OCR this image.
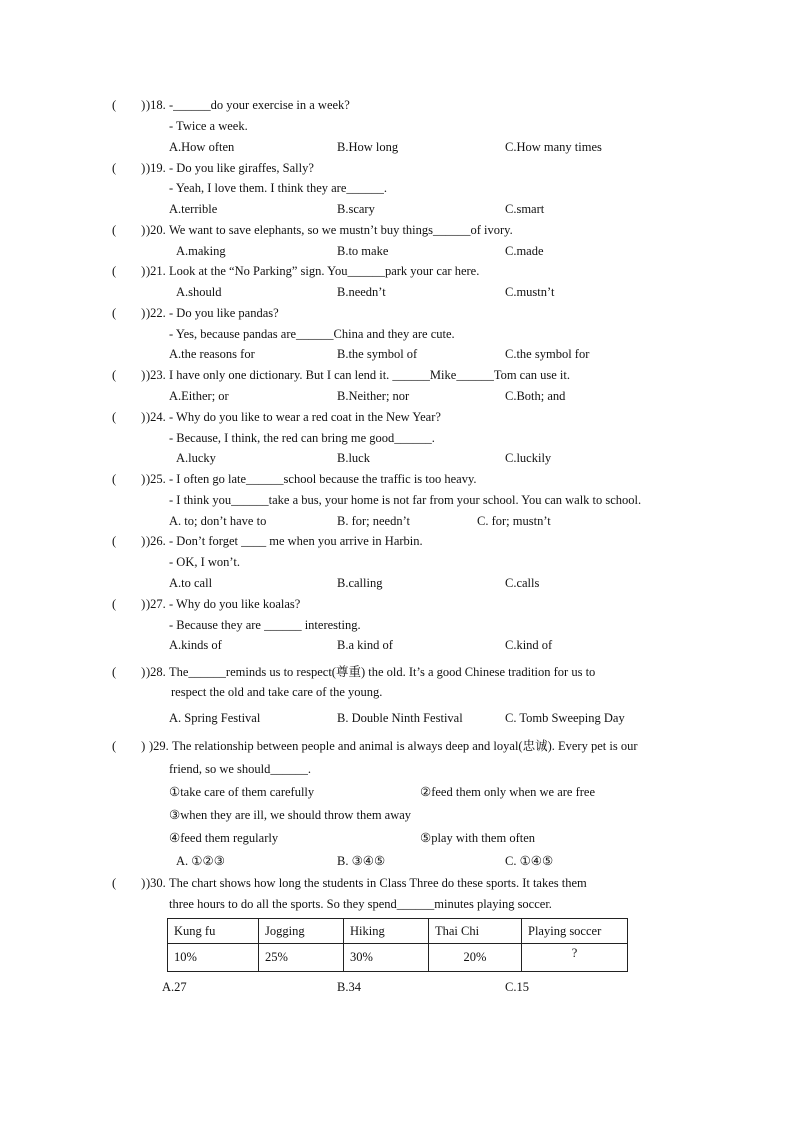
(　　) )18. -______do your exercise in a week?
- Twice a week.
A.How often	B.How long	C.How many times
(　　) )19. - Do you like giraffes, Sally?
- Yeah, I love them. I think they are______.
A.terrible	B.scary	C.smart
(　　) )20. We want to save elephants, so we mustn’t buy things______of ivory.
A.making	B.to make	C.made
(　　) )21. Look at the “No Parking” sign. You______park your car here.
A.should	B.needn’t	C.mustn’t
(　　) )22. - Do you like pandas?
- Yes, because pandas are______China and they are cute.
A.the reasons for	B.the symbol of	C.the symbol for
(　　) )23. I have only one dictionary. But I can lend it. ______Mike______Tom can use it.
A.Either; or	B.Neither; nor	C.Both; and
(　　) )24. - Why do you like to wear a red coat in the New Year?
- Because, I think, the red can bring me good______.
A.lucky	B.luck	C.luckily
(　　) )25. - I often go late______school because the traffic is too heavy.
- I think you______take a bus, your home is not far from your school. You can walk to school.
A. to; don’t have to	B. for; needn’t	C. for; mustn’t
(　　) )26. - Don’t forget ____ me when you arrive in Harbin.
- OK, I won’t.
A.to call	B.calling	C.calls
(　　) )27. - Why do you like koalas?
- Because they are ______ interesting.
A.kinds of	B.a kind of	C.kind of
(　　) )28. The______reminds us to respect(尊重) the old. It’s a good Chinese tradition for us to
respect the old and take care of the young.
A. Spring Festival	B. Double Ninth Festival	C. Tomb Sweeping Day
(　　) )29. The relationship between people and animal is always deep and loyal(忠诚). Every pet is our
friend, so we should______.
①take care of them carefully	②feed them only when we are free
③when they are ill, we should throw them away
④feed them regularly	⑤play with them often
A. ①②③	B. ③④⑤	C. ①④⑤
(　　) )30. The chart shows how long the students in Class Three do these sports. It takes them
three hours to do all the sports. So they spend______minutes playing soccer.
Kung fu	Jogging	Hiking	Thai Chi	Playing soccer
10%	25%	30%	20%	?
A.27	B.34	C.15
